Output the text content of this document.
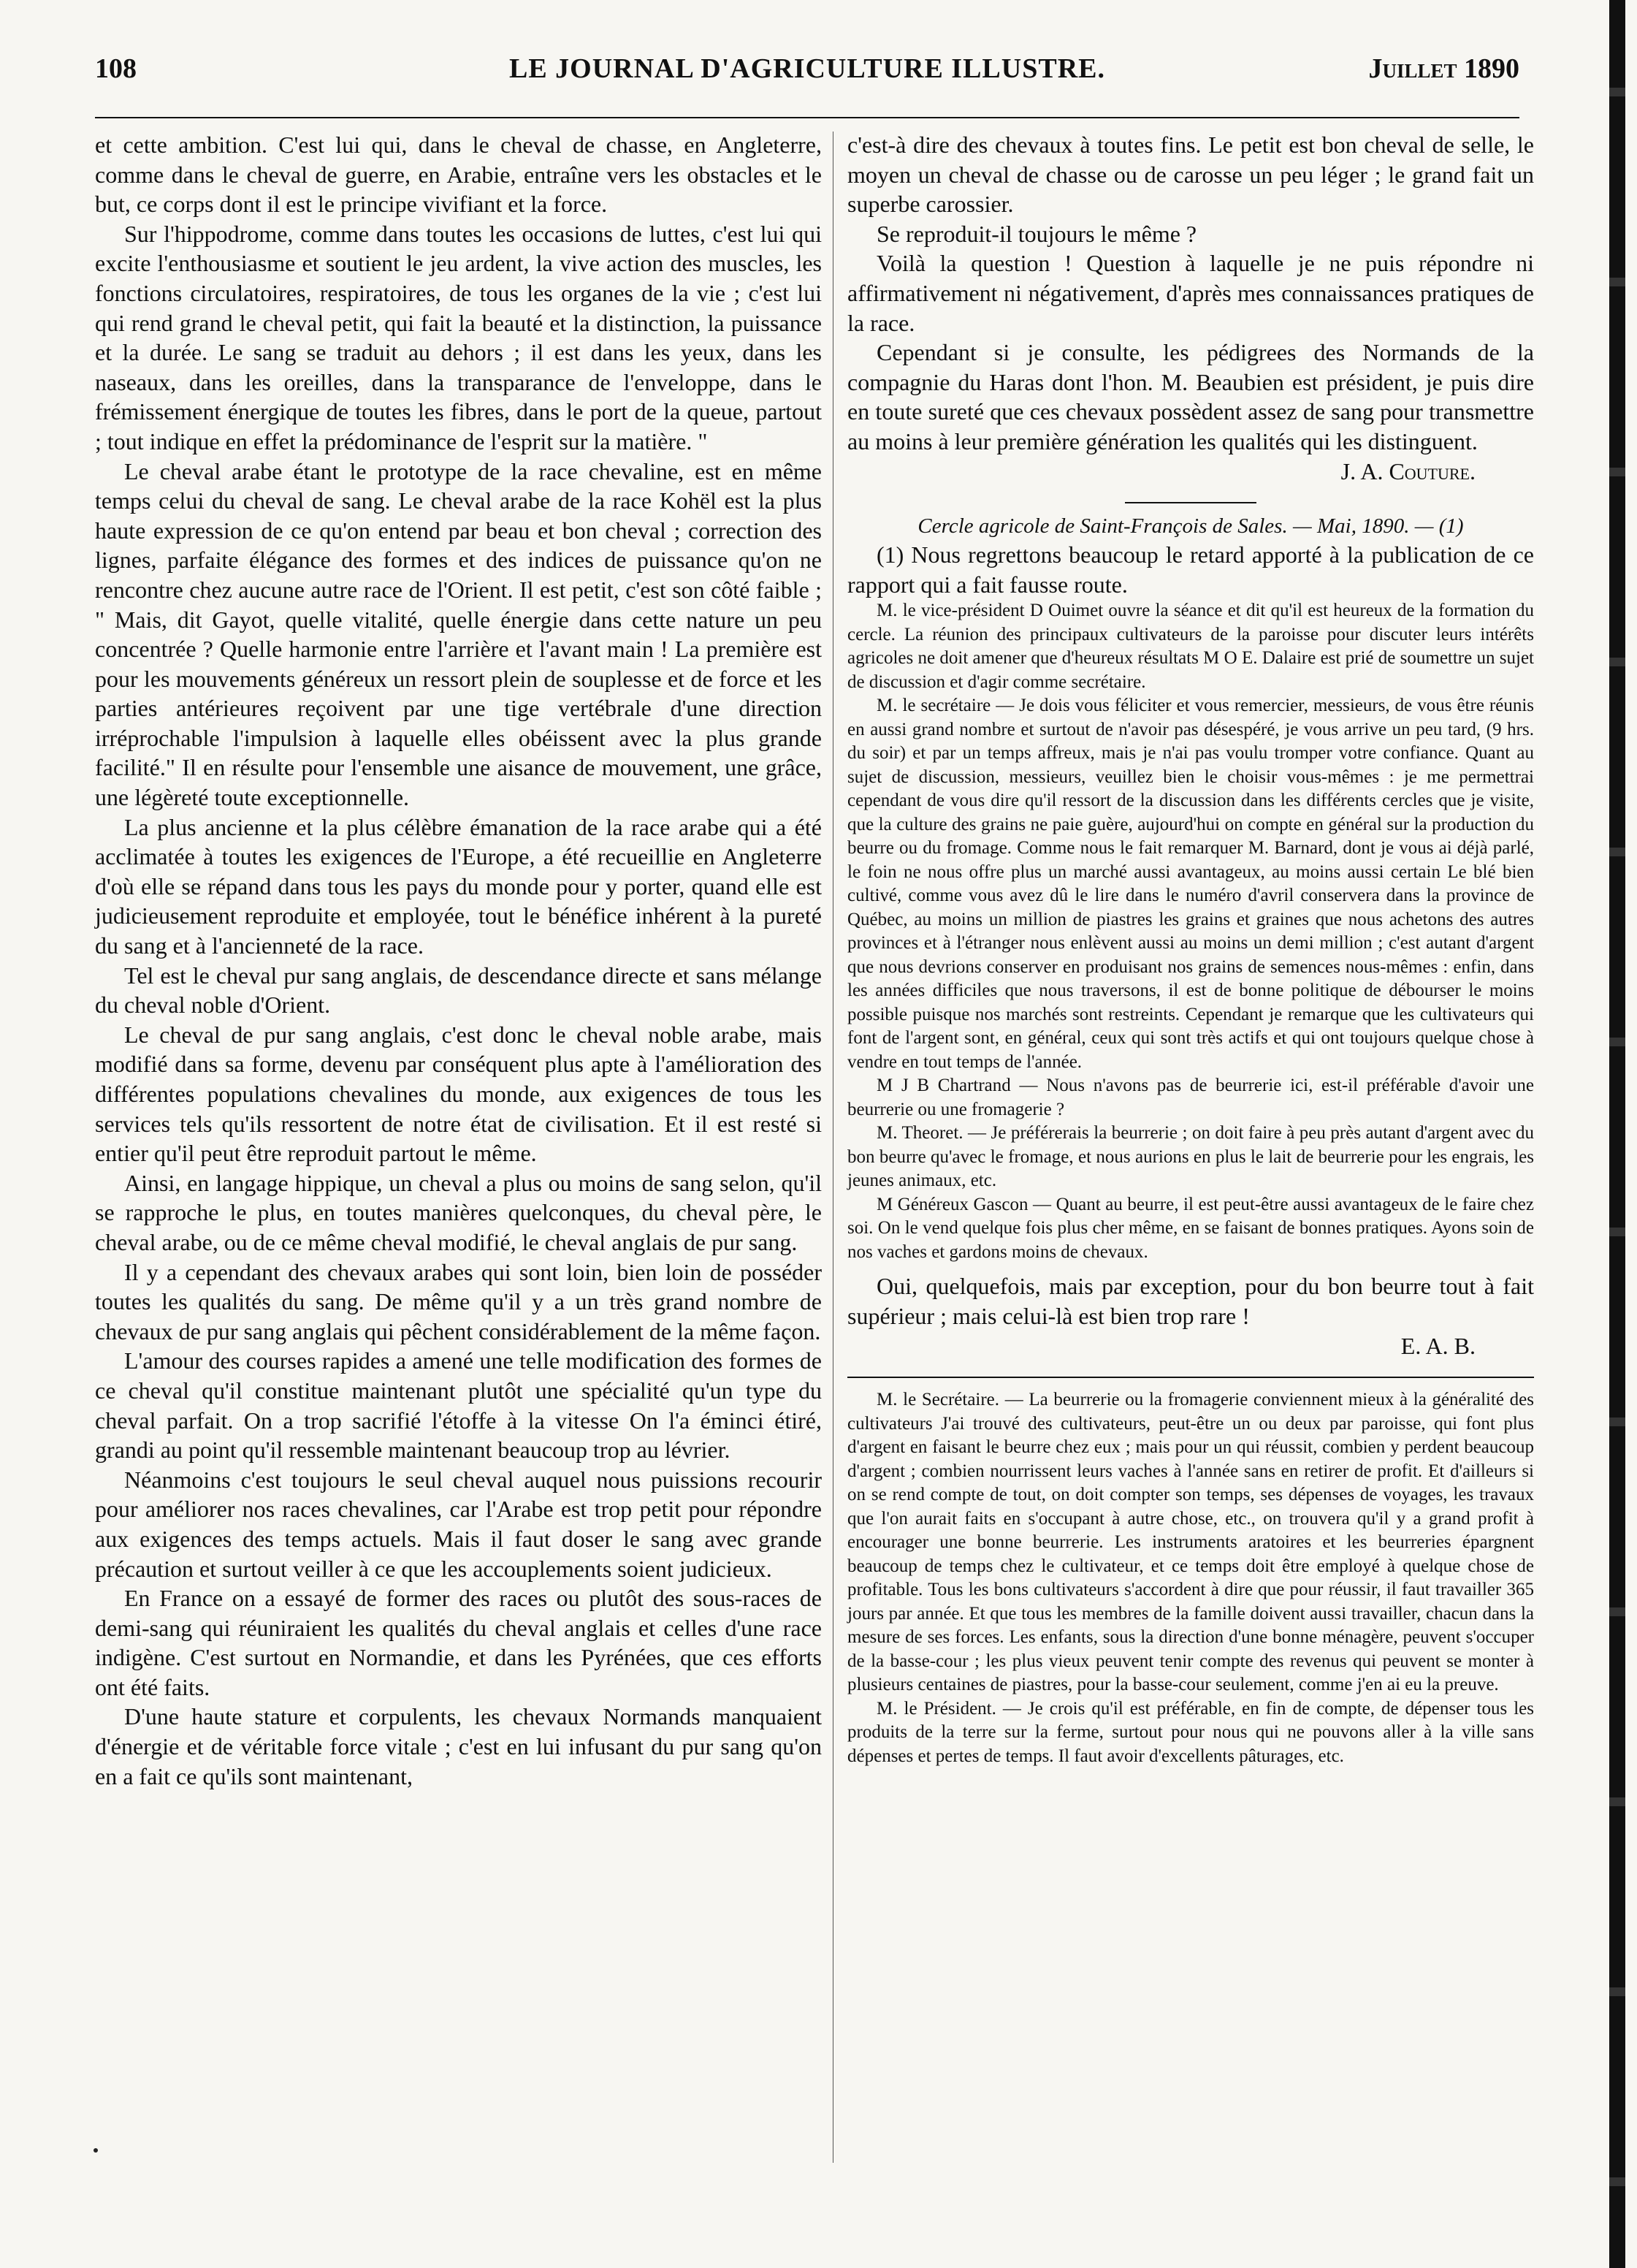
108	LE JOURNAL D'AGRICULTURE ILLUSTRE.	Juillet 1890

et cette ambition. C'est lui qui, dans le cheval de chasse, en Angleterre, comme dans le cheval de guerre, en Arabie, entraîne vers les obstacles et le but, ce corps dont il est le principe vivifiant et la force.

Sur l'hippodrome, comme dans toutes les occasions de luttes, c'est lui qui excite l'enthousiasme et soutient le jeu ardent, la vive action des muscles, les fonctions circulatoires, respiratoires, de tous les organes de la vie ; c'est lui qui rend grand le cheval petit, qui fait la beauté et la distinction, la puissance et la durée. Le sang se traduit au dehors ; il est dans les yeux, dans les naseaux, dans les oreilles, dans la transparance de l'enveloppe, dans le frémissement énergique de toutes les fibres, dans le port de la queue, partout ; tout indique en effet la prédominance de l'esprit sur la matière. "

Le cheval arabe étant le prototype de la race chevaline, est en même temps celui du cheval de sang. Le cheval arabe de la race Kohël est la plus haute expression de ce qu'on entend par beau et bon cheval ; correction des lignes, parfaite élégance des formes et des indices de puissance qu'on ne rencontre chez aucune autre race de l'Orient. Il est petit, c'est son côté faible ; " Mais, dit Gayot, quelle vitalité, quelle énergie dans cette nature un peu concentrée ? Quelle harmonie entre l'arrière et l'avant main ! La première est pour les mouvements généreux un ressort plein de souplesse et de force et les parties antérieures reçoivent par une tige vertébrale d'une direction irréprochable l'impulsion à laquelle elles obéissent avec la plus grande facilité." Il en résulte pour l'ensemble une aisance de mouvement, une grâce, une légèreté toute exceptionnelle.

La plus ancienne et la plus célèbre émanation de la race arabe qui a été acclimatée à toutes les exigences de l'Europe, a été recueillie en Angleterre d'où elle se répand dans tous les pays du monde pour y porter, quand elle est judicieusement reproduite et employée, tout le bénéfice inhérent à la pureté du sang et à l'ancienneté de la race.

Tel est le cheval pur sang anglais, de descendance directe et sans mélange du cheval noble d'Orient.

Le cheval de pur sang anglais, c'est donc le cheval noble arabe, mais modifié dans sa forme, devenu par conséquent plus apte à l'amélioration des différentes populations chevalines du monde, aux exigences de tous les services tels qu'ils ressortent de notre état de civilisation. Et il est resté si entier qu'il peut être reproduit partout le même.

Ainsi, en langage hippique, un cheval a plus ou moins de sang selon, qu'il se rapproche le plus, en toutes manières quelconques, du cheval père, le cheval arabe, ou de ce même cheval modifié, le cheval anglais de pur sang.

Il y a cependant des chevaux arabes qui sont loin, bien loin de posséder toutes les qualités du sang. De même qu'il y a un très grand nombre de chevaux de pur sang anglais qui pêchent considérablement de la même façon.

L'amour des courses rapides a amené une telle modification des formes de ce cheval qu'il constitue maintenant plutôt une spécialité qu'un type du cheval parfait. On a trop sacrifié l'étoffe à la vitesse On l'a éminci étiré, grandi au point qu'il ressemble maintenant beaucoup trop au lévrier.

Néanmoins c'est toujours le seul cheval auquel nous puissions recourir pour améliorer nos races chevalines, car l'Arabe est trop petit pour répondre aux exigences des temps actuels. Mais il faut doser le sang avec grande précaution et surtout veiller à ce que les accouplements soient judicieux.

En France on a essayé de former des races ou plutôt des sous-races de demi-sang qui réuniraient les qualités du cheval anglais et celles d'une race indigène. C'est surtout en Normandie, et dans les Pyrénées, que ces efforts ont été faits.

D'une haute stature et corpulents, les chevaux Normands manquaient d'énergie et de véritable force vitale ; c'est en lui infusant du pur sang qu'on en a fait ce qu'ils sont maintenant,

c'est-à dire des chevaux à toutes fins. Le petit est bon cheval de selle, le moyen un cheval de chasse ou de carosse un peu léger ; le grand fait un superbe carossier.

Se reproduit-il toujours le même ?

Voilà la question ! Question à laquelle je ne puis répondre ni affirmativement ni négativement, d'après mes connaissances pratiques de la race.

Cependant si je consulte, les pédigrees des Normands de la compagnie du Haras dont l'hon. M. Beaubien est président, je puis dire en toute sureté que ces chevaux possèdent assez de sang pour transmettre au moins à leur première génération les qualités qui les distinguent.

J. A. Couture.

Cercle agricole de Saint-François de Sales. — Mai, 1890. — (1)

(1) Nous regrettons beaucoup le retard apporté à la publication de ce rapport qui a fait fausse route.

M. le vice-président D Ouimet ouvre la séance et dit qu'il est heureux de la formation du cercle. La réunion des principaux cultivateurs de la paroisse pour discuter leurs intérêts agricoles ne doit amener que d'heureux résultats M O E. Dalaire est prié de soumettre un sujet de discussion et d'agir comme secrétaire.

M. le secrétaire — Je dois vous féliciter et vous remercier, messieurs, de vous être réunis en aussi grand nombre et surtout de n'avoir pas désespéré, je vous arrive un peu tard, (9 hrs. du soir) et par un temps affreux, mais je n'ai pas voulu tromper votre confiance. Quant au sujet de discussion, messieurs, veuillez bien le choisir vous-mêmes : je me permettrai cependant de vous dire qu'il ressort de la discussion dans les différents cercles que je visite, que la culture des grains ne paie guère, aujourd'hui on compte en général sur la production du beurre ou du fromage. Comme nous le fait remarquer M. Barnard, dont je vous ai déjà parlé, le foin ne nous offre plus un marché aussi avantageux, au moins aussi certain Le blé bien cultivé, comme vous avez dû le lire dans le numéro d'avril conservera dans la province de Québec, au moins un million de piastres les grains et graines que nous achetons des autres provinces et à l'étranger nous enlèvent aussi au moins un demi million ; c'est autant d'argent que nous devrions conserver en produisant nos grains de semences nous-mêmes : enfin, dans les années difficiles que nous traversons, il est de bonne politique de débourser le moins possible puisque nos marchés sont restreints. Cependant je remarque que les cultivateurs qui font de l'argent sont, en général, ceux qui sont très actifs et qui ont toujours quelque chose à vendre en tout temps de l'année.

M J B Chartrand — Nous n'avons pas de beurrerie ici, est-il préférable d'avoir une beurrerie ou une fromagerie ?

M. Theoret. — Je préférerais la beurrerie ; on doit faire à peu près autant d'argent avec du bon beurre qu'avec le fromage, et nous aurions en plus le lait de beurrerie pour les engrais, les jeunes animaux, etc.

M Généreux Gascon — Quant au beurre, il est peut-être aussi avantageux de le faire chez soi. On le vend quelque fois plus cher même, en se faisant de bonnes pratiques. Ayons soin de nos vaches et gardons moins de chevaux.

Oui, quelquefois, mais par exception, pour du bon beurre tout à fait supérieur ; mais celui-là est bien trop rare !

E. A. B.

M. le Secrétaire. — La beurrerie ou la fromagerie conviennent mieux à la généralité des cultivateurs J'ai trouvé des cultivateurs, peut-être un ou deux par paroisse, qui font plus d'argent en faisant le beurre chez eux ; mais pour un qui réussit, combien y perdent beaucoup d'argent ; combien nourrissent leurs vaches à l'année sans en retirer de profit. Et d'ailleurs si on se rend compte de tout, on doit compter son temps, ses dépenses de voyages, les travaux que l'on aurait faits en s'occupant à autre chose, etc., on trouvera qu'il y a grand profit à encourager une bonne beurrerie. Les instruments aratoires et les beurreries épargnent beaucoup de temps chez le cultivateur, et ce temps doit être employé à quelque chose de profitable. Tous les bons cultivateurs s'accordent à dire que pour réussir, il faut travailler 365 jours par année. Et que tous les membres de la famille doivent aussi travailler, chacun dans la mesure de ses forces. Les enfants, sous la direction d'une bonne ménagère, peuvent s'occuper de la basse-cour ; les plus vieux peuvent tenir compte des revenus qui peuvent se monter à plusieurs centaines de piastres, pour la basse-cour seulement, comme j'en ai eu la preuve.

M. le Président. — Je crois qu'il est préférable, en fin de compte, de dépenser tous les produits de la terre sur la ferme, surtout pour nous qui ne pouvons aller à la ville sans dépenses et pertes de temps. Il faut avoir d'excellents pâturages, etc.
